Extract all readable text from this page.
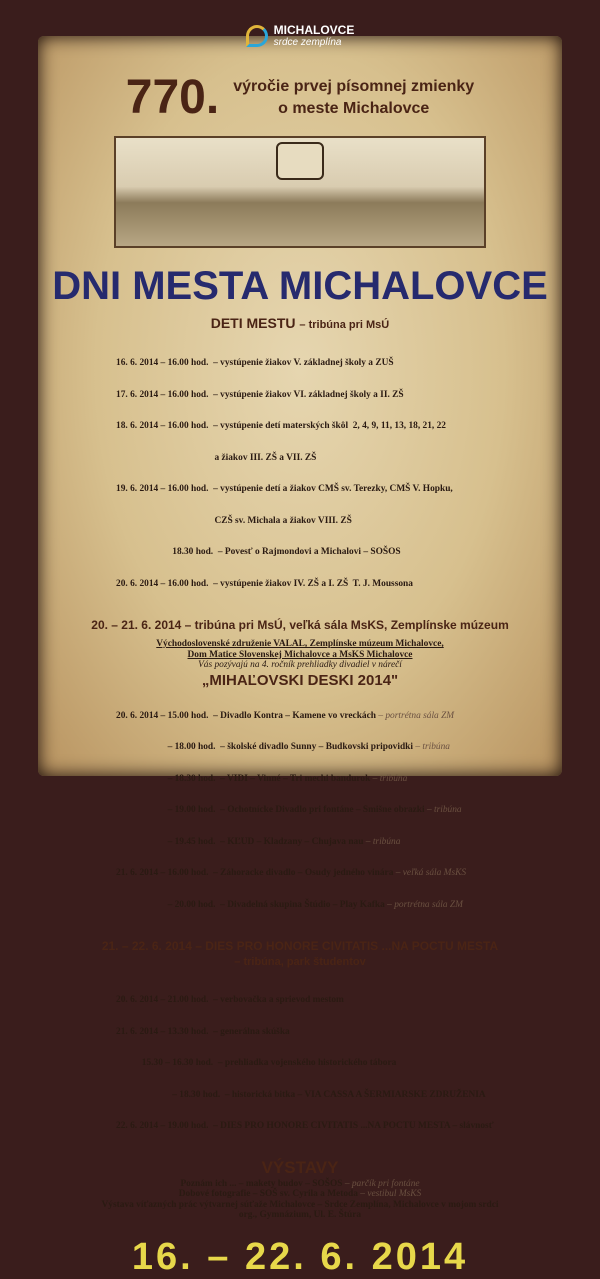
MICHALOVCE
srdce zemplína
770. výročie prvej písomnej zmienky
o meste Michalovce
DNI MESTA MICHALOVCE
DETI MESTU – tribúna pri MsÚ

16. 6. 2014 – 16.00 hod.  – vystúpenie žiakov V. základnej školy a ZUŠ

17. 6. 2014 – 16.00 hod.  – vystúpenie žiakov VI. základnej školy a II. ZŠ

18. 6. 2014 – 16.00 hod.  – vystúpenie detí materských škôl  2, 4, 9, 11, 13, 18, 21, 22

a žiakov III. ZŠ a VII. ZŠ

19. 6. 2014 – 16.00 hod.  – vystúpenie detí a žiakov CMŠ sv. Terezky, CMŠ V. Hopku,

CZŠ sv. Michala a žiakov VIII. ZŠ

18.30 hod.  – Povesť o Rajmondovi a Michalovi – SOŠOS

20. 6. 2014 – 16.00 hod.  – vystúpenie žiakov IV. ZŠ a I. ZŠ  T. J. Moussona

20. – 21. 6. 2014 – tribúna pri MsÚ, veľká sála MsKS, Zemplínske múzeum
Východoslovenské združenie VALAL, Zemplínske múzeum Michalovce,
Dom Matice Slovenskej Michalovce a MsKS Michalovce
Vás pozývajú na 4. ročník prehliadky divadiel v nárečí
„MIHAĽOVSKI DESKI 2014"

20. 6. 2014 – 15.00 hod.  – Divadlo Kontra – Kamene vo vreckách – portrétna sála ZM

– 18.00 hod.  – školské divadlo Sunny – Budkovski pripovidki – tribúna

– 18.30 hod.  – VIDI – Vinné – Tri mechi bandurok – tribúna

– 19.00 hod.  – Ochotnícke Divadlo pri fontáne – Smišne obrazki – tribúna

– 19.45 hod.  – KĽUD – Kladzany – Chujava nau – tribúna

21. 6. 2014 – 16.00 hod.  – Záhoracke divadlo – Osudy jedného vinára – veľká sála MsKS

– 20.00 hod.  – Divadelná skupina Štúdio – Play Kafka – portrétna sála ZM

21. – 22. 6. 2014 – DIES PRO HONORE CIVITATIS ...NA POCTU MESTA
– tribúna, park študentov

20. 6. 2014 – 21.00 hod.  – verbovačka a sprievod mestom

21. 6. 2014 – 13.30 hod.  – generálna skúška

15.30 – 16.30 hod.  – prehliadka vojenského historického tábora

– 18.30 hod.  – historická bitka – VIA CASSA A ŠERMIARSKE ZDRUŽENIA

22. 6. 2014 – 19.00 hod.  – DIES PRO HONORE CIVITATIS ...NA POCTU MESTA – slávnosť

VÝSTAVY
Poznám ich ... – makety budov – SOŠOS – parčík pri fontáne
Dobové fotografie – SOŠ sv. Cyrila a Metoda – vestibul MsKS
Výstava víťazných prác výtvarnej súťaže Michalovce – Srdce Zemplína, Michalovce v mojom srdci
org., Gymnázium, Ul. E. Štúra
16. – 22. 6. 2014
